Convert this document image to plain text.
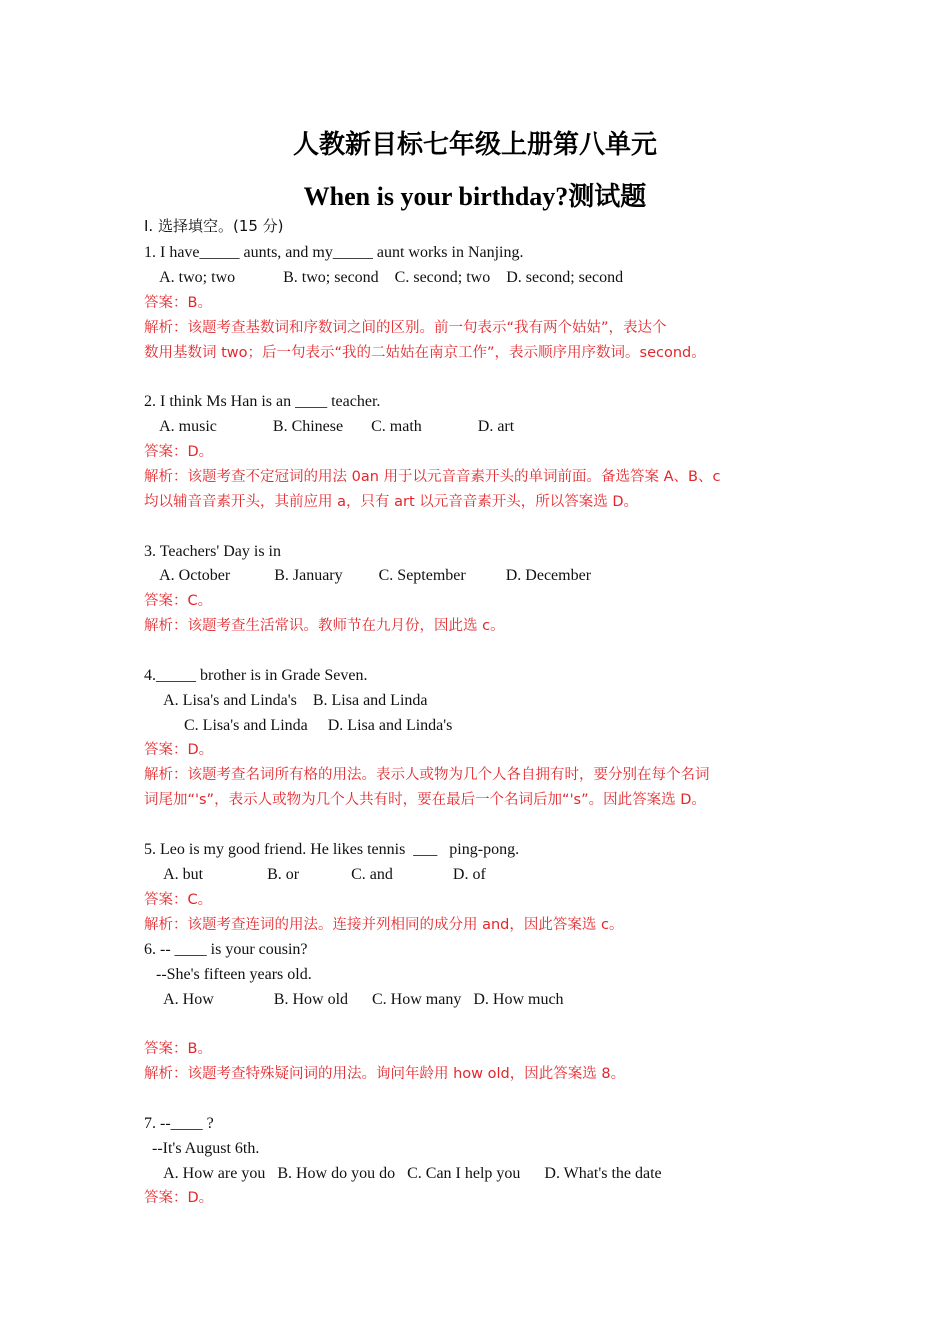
人教新目标七年级上册第八单元
When is your birthday?测试题
Ⅰ. 选择填空。(15 分)
1. I have_____ aunts, and my_____ aunt works in Nanjing.
A. two; two            B. two; second    C. second; two    D. second; second
答案：B。
解析：该题考查基数词和序数词之间的区别。前一句表示“我有两个姑姑”，表达个
数用基数词 two；后一句表示“我的二姑姑在南京工作”，表示顺序用序数词。second。
2. I think Ms Han is an ____ teacher.
A. music              B. Chinese       C. math              D. art
答案：D。
解析：该题考查不定冠词的用法 0an 用于以元音音素开头的单词前面。备选答案 A、B、c
均以辅音音素开头，其前应用 a，只有 art 以元音音素开头，所以答案选 D。
3. Teachers' Day is in
A. October           B. January         C. September          D. December
答案：C。
解析：该题考查生活常识。教师节在九月份，因此选 c。
4._____ brother is in Grade Seven.
A. Lisa's and Linda's    B. Lisa and Linda
C. Lisa's and Linda     D. Lisa and Linda's
答案：D。
解析：该题考查名词所有格的用法。表示人或物为几个人各自拥有时，要分别在每个名词
词尾加“'s”，表示人或物为几个人共有时，要在最后一个名词后加“'s”。因此答案选 D。
5. Leo is my good friend. He likes tennis  ___   ping-pong.
A. but                B. or             C. and               D. of
答案：C。
解析：该题考查连词的用法。连接并列相同的成分用 and，因此答案选 c。
6. -- ____ is your cousin?
--She's fifteen years old.
A. How               B. How old      C. How many   D. How much
答案：B。
解析：该题考查特殊疑问词的用法。询问年龄用 how old，因此答案选 8。
7. --____ ?
--It's August 6th.
A. How are you   B. How do you do   C. Can I help you      D. What's the date
答案：D。
